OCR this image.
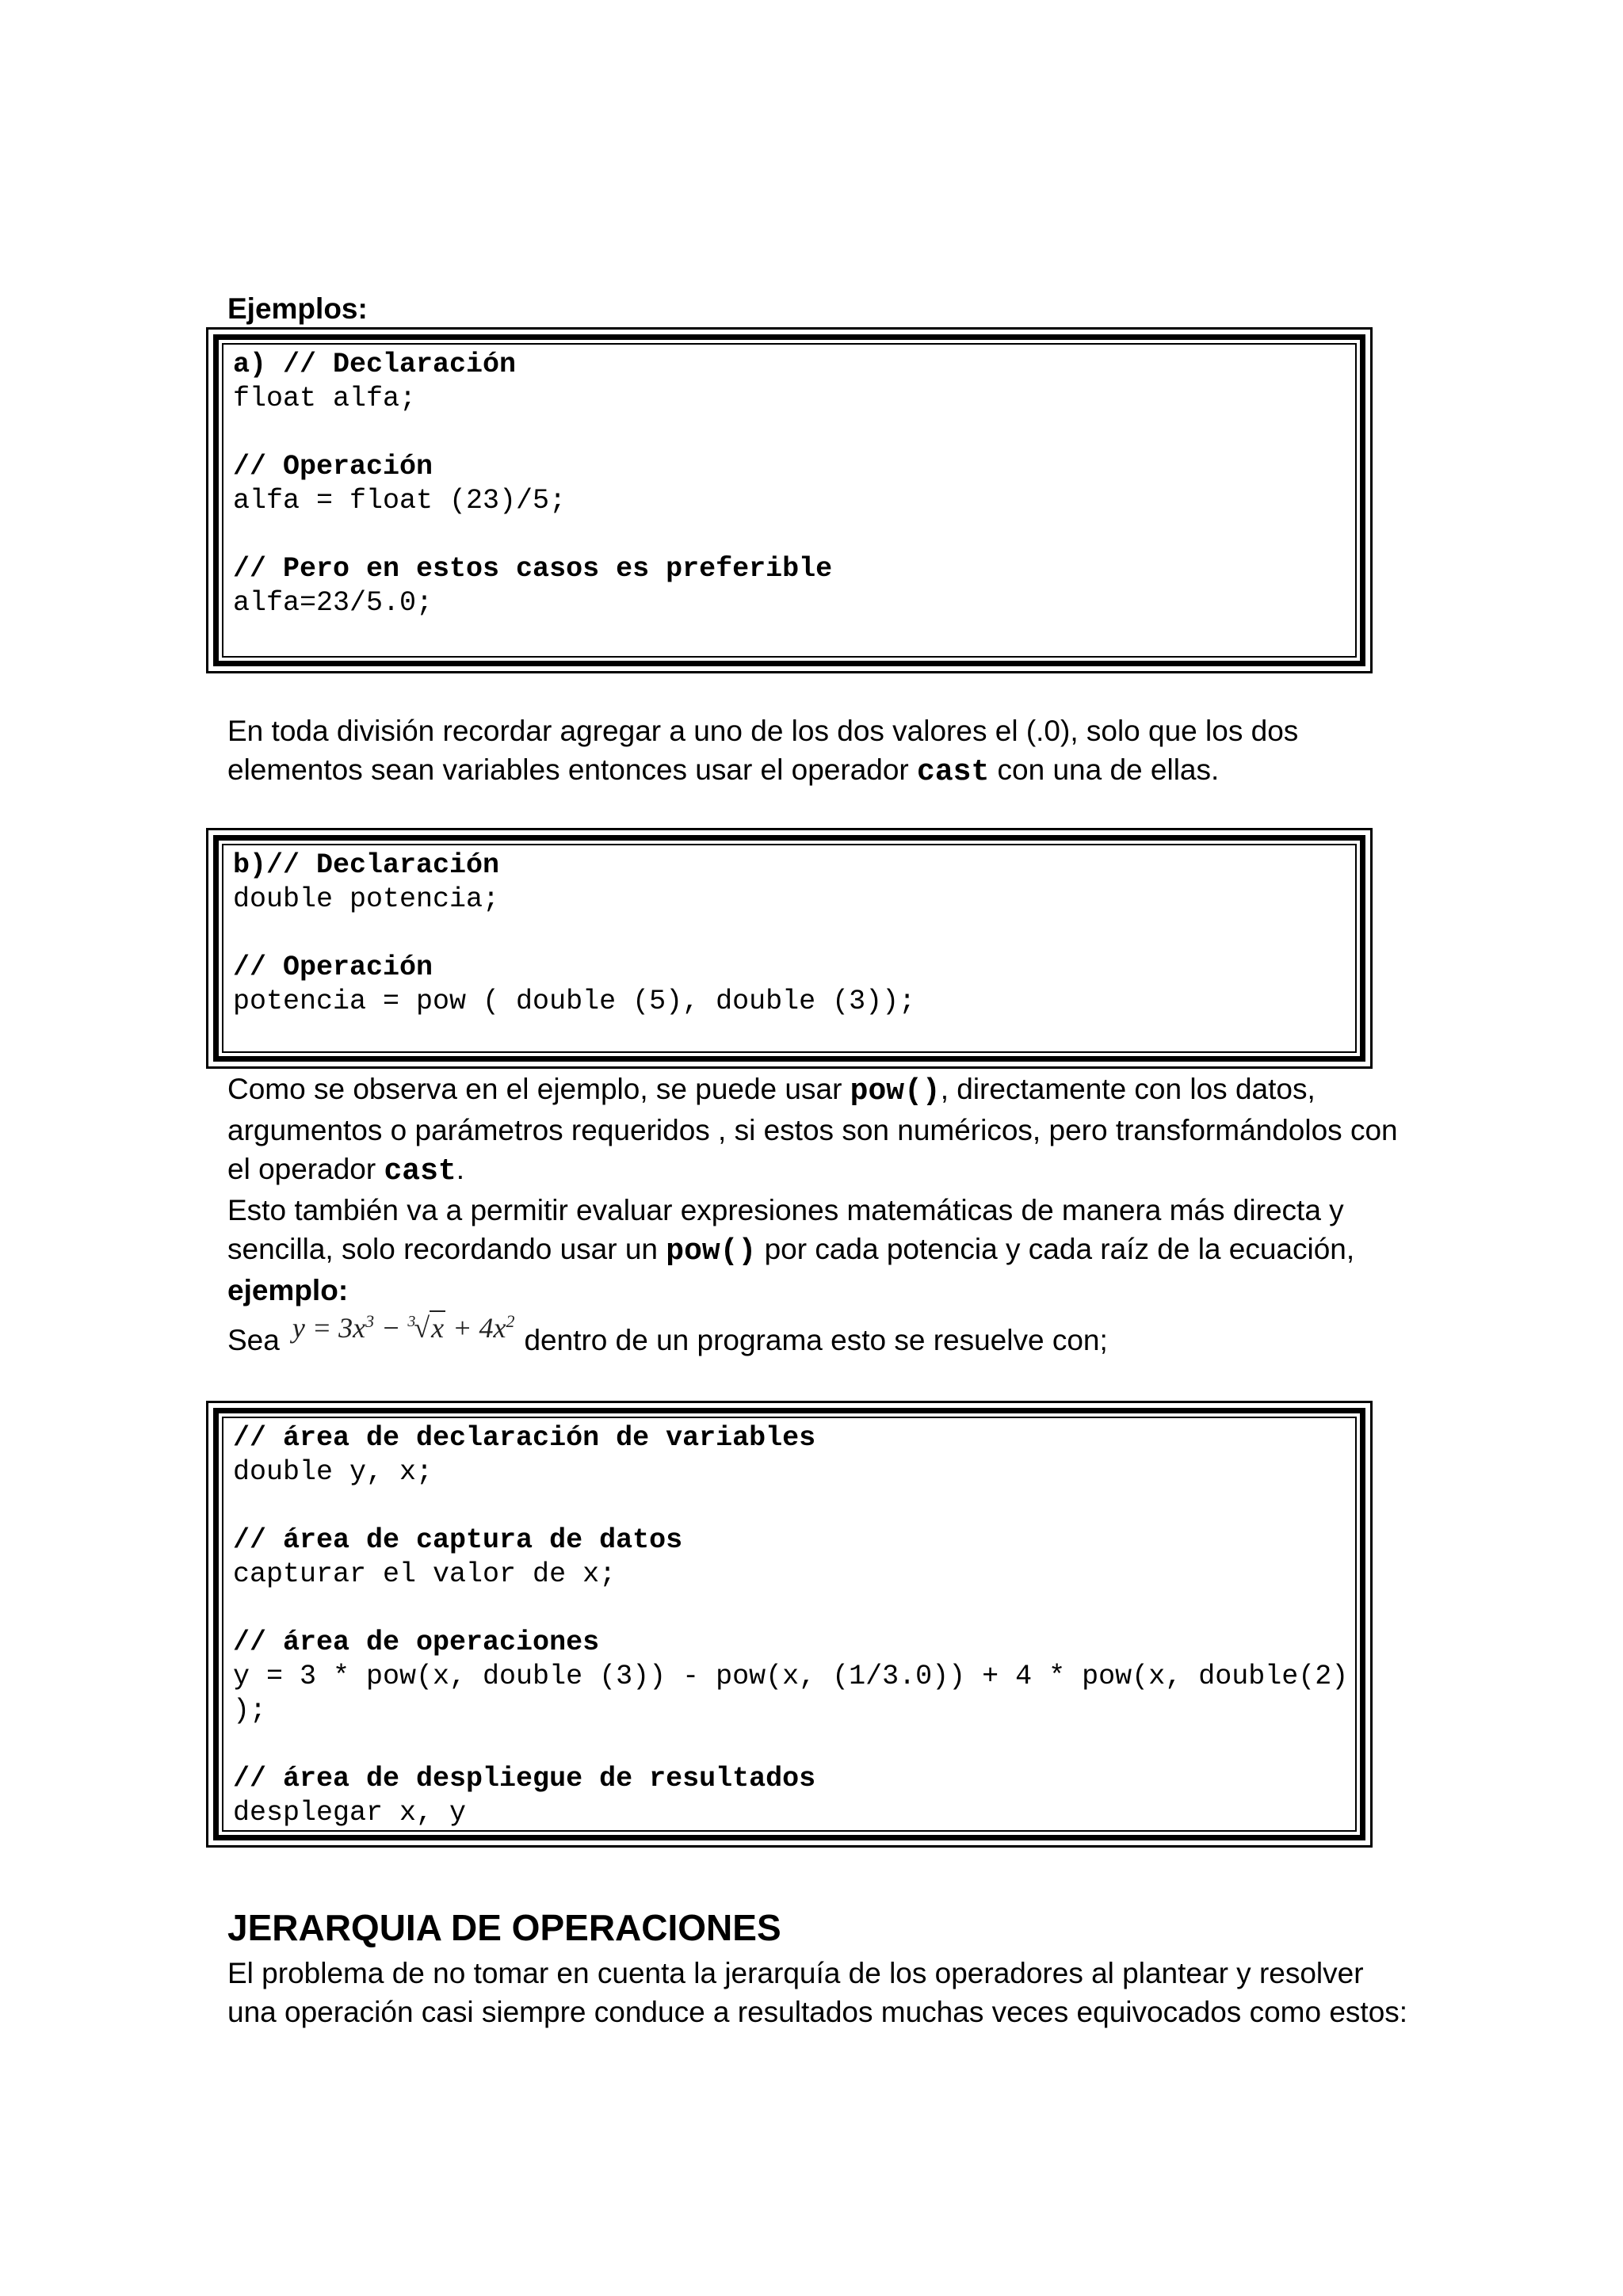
Ejemplos:
a) // Declaración
float alfa;
// Operación
alfa = float (23)/5;
// Pero en estos casos es preferible
alfa=23/5.0;
En toda división recordar agregar a uno de los dos valores el (.0), solo que los dos
elementos sean variables entonces usar el operador cast con una de ellas.
b)// Declaración
double potencia;
// Operación
potencia = pow ( double (5), double (3));
Como se observa en el ejemplo, se puede usar pow(), directamente con los datos,
argumentos o parámetros requeridos , si estos son numéricos, pero transformándolos con
el operador cast.
Esto también va a permitir evaluar expresiones matemáticas de manera más directa y
sencilla, solo recordando usar un pow() por cada potencia y cada raíz de la ecuación,
ejemplo:
Sea $y = 3x^3 - ^3√x$ + $4x^2dentro$ de un programa esto se resuelve con;
// área de declaración de variables
double y, x;
// área de captura de datos
capturar el valor de x;
// área de operaciones
y = 3 * pow(x, double (3)) - pow(x, (1/3.0)) + 4 * pow(x, double(2)
);
// área de despliegue de resultados
desplegar x, y
JERARQUIA DE OPERACIONES
El problema de no tomar en cuenta la jerarquía de los operadores al plantear y resolver
una operación casi siempre conduce a resultados muchas veces equivocados como estos:
